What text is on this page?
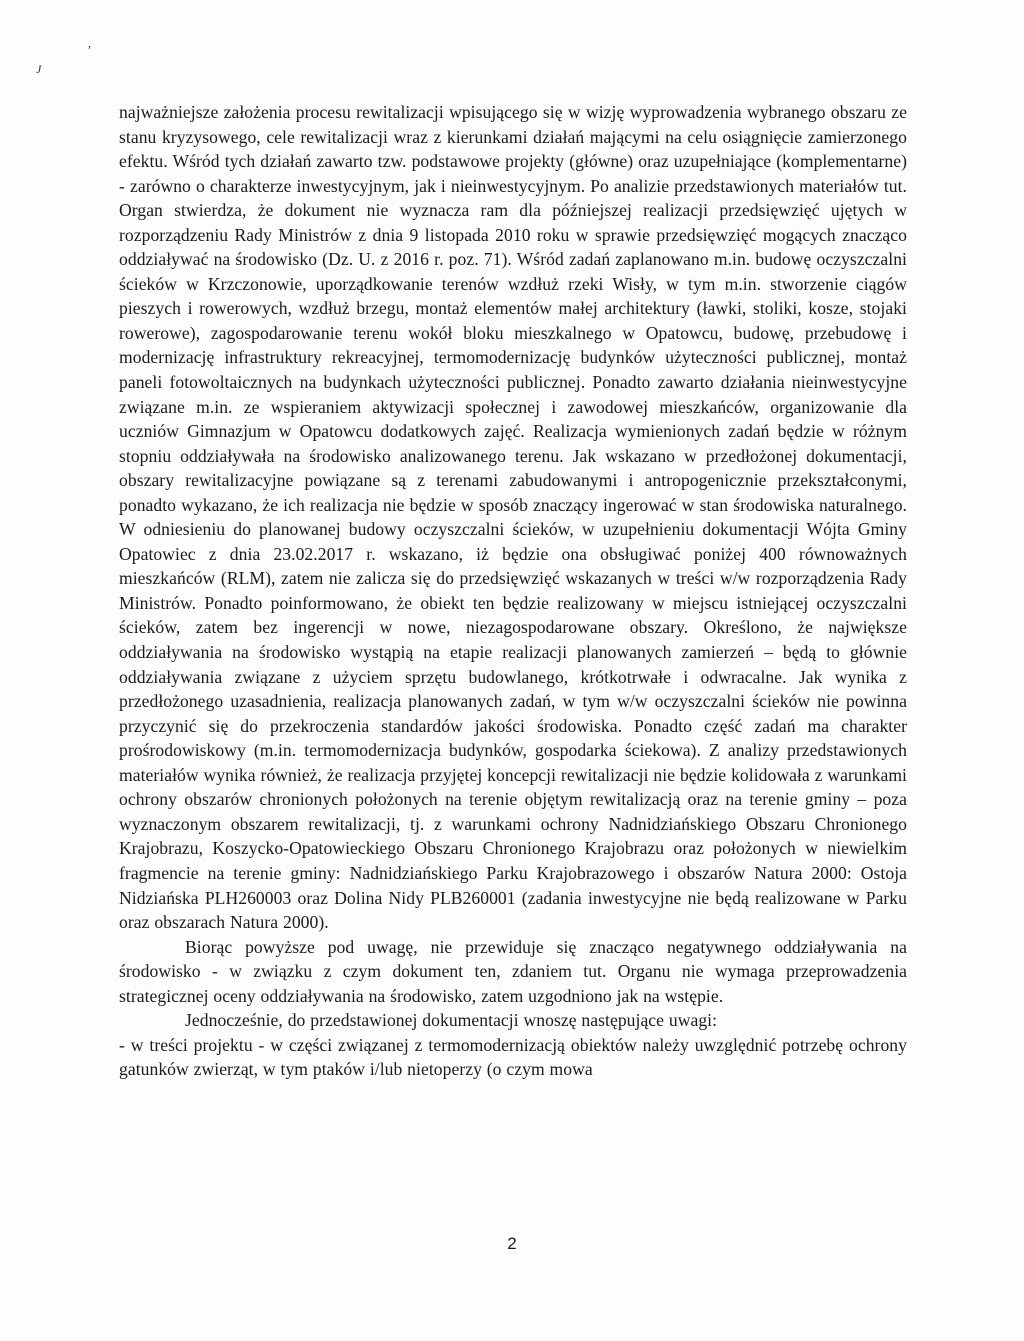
,
J

najważniejsze założenia procesu rewitalizacji wpisującego się w wizję wyprowadzenia wybranego obszaru ze stanu kryzysowego, cele rewitalizacji wraz z kierunkami działań mającymi na celu osiągnięcie zamierzonego efektu. Wśród tych działań zawarto tzw. podstawowe projekty (główne) oraz uzupełniające (komplementarne) - zarówno o charakterze inwestycyjnym, jak i nieinwestycyjnym. Po analizie przedstawionych materiałów tut. Organ stwierdza, że dokument nie wyznacza ram dla późniejszej realizacji przedsięwzięć ujętych w rozporządzeniu Rady Ministrów z dnia 9 listopada 2010 roku w sprawie przedsięwzięć mogących znacząco oddziaływać na środowisko (Dz. U. z 2016 r. poz. 71). Wśród zadań zaplanowano m.in. budowę oczyszczalni ścieków w Krzczonowie, uporządkowanie terenów wzdłuż rzeki Wisły, w tym m.in. stworzenie ciągów pieszych i rowerowych, wzdłuż brzegu, montaż elementów małej architektury (ławki, stoliki, kosze, stojaki rowerowe), zagospodarowanie terenu wokół bloku mieszkalnego w Opatowcu, budowę, przebudowę i modernizację infrastruktury rekreacyjnej, termomodernizację budynków użyteczności publicznej, montaż paneli fotowoltaicznych na budynkach użyteczności publicznej. Ponadto zawarto działania nieinwestycyjne związane m.in. ze wspieraniem aktywizacji społecznej i zawodowej mieszkańców, organizowanie dla uczniów Gimnazjum w Opatowcu dodatkowych zajęć. Realizacja wymienionych zadań będzie w różnym stopniu oddziaływała na środowisko analizowanego terenu. Jak wskazano w przedłożonej dokumentacji, obszary rewitalizacyjne powiązane są z terenami zabudowanymi i antropogenicznie przekształconymi, ponadto wykazano, że ich realizacja nie będzie w sposób znaczący ingerować w stan środowiska naturalnego. W odniesieniu do planowanej budowy oczyszczalni ścieków, w uzupełnieniu dokumentacji Wójta Gminy Opatowiec z dnia 23.02.2017 r. wskazano, iż będzie ona obsługiwać poniżej 400 równoważnych mieszkańców (RLM), zatem nie zalicza się do przedsięwzięć wskazanych w treści w/w rozporządzenia Rady Ministrów. Ponadto poinformowano, że obiekt ten będzie realizowany w miejscu istniejącej oczyszczalni ścieków, zatem bez ingerencji w nowe, niezagospodarowane obszary. Określono, że największe oddziaływania na środowisko wystąpią na etapie realizacji planowanych zamierzeń – będą to głównie oddziaływania związane z użyciem sprzętu budowlanego, krótkotrwałe i odwracalne. Jak wynika z przedłożonego uzasadnienia, realizacja planowanych zadań, w tym w/w oczyszczalni ścieków nie powinna przyczynić się do przekroczenia standardów jakości środowiska. Ponadto część zadań ma charakter prośrodowiskowy (m.in. termomodernizacja budynków, gospodarka ściekowa). Z analizy przedstawionych materiałów wynika również, że realizacja przyjętej koncepcji rewitalizacji nie będzie kolidowała z warunkami ochrony obszarów chronionych położonych na terenie objętym rewitalizacją oraz na terenie gminy – poza wyznaczonym obszarem rewitalizacji, tj. z warunkami ochrony Nadnidziańskiego Obszaru Chronionego Krajobrazu, Koszycko-Opatowieckiego Obszaru Chronionego Krajobrazu oraz położonych w niewielkim fragmencie na terenie gminy: Nadnidziańskiego Parku Krajobrazowego i obszarów Natura 2000: Ostoja Nidziańska PLH260003 oraz Dolina Nidy PLB260001 (zadania inwestycyjne nie będą realizowane w Parku oraz obszarach Natura 2000).

Biorąc powyższe pod uwagę, nie przewiduje się znacząco negatywnego oddziaływania na środowisko - w związku z czym dokument ten, zdaniem tut. Organu nie wymaga przeprowadzenia strategicznej oceny oddziaływania na środowisko, zatem uzgodniono jak na wstępie.

Jednocześnie, do przedstawionej dokumentacji wnoszę następujące uwagi:

- w treści projektu - w części związanej z termomodernizacją obiektów należy uwzględnić potrzebę ochrony gatunków zwierząt, w tym ptaków i/lub nietoperzy (o czym mowa

2
